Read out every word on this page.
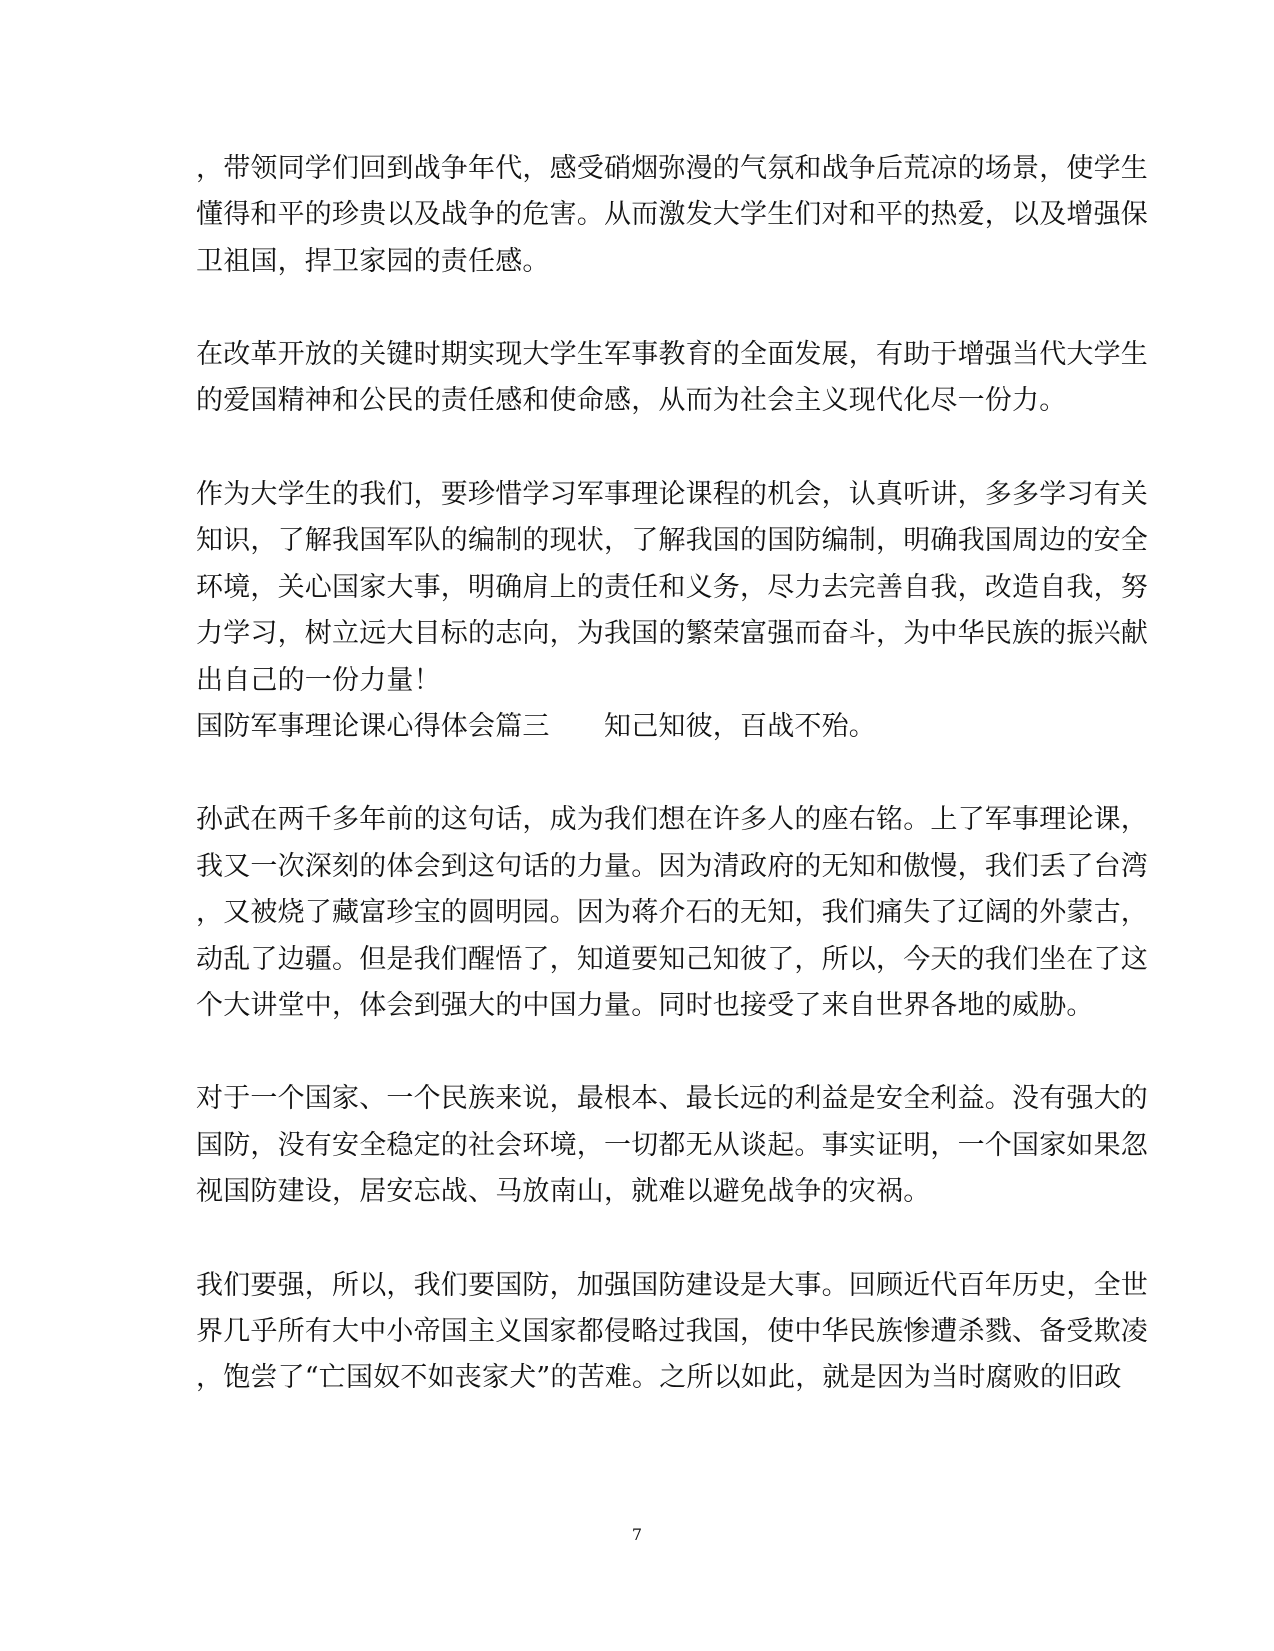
，带领同学们回到战争年代，感受硝烟弥漫的气氛和战争后荒凉的场景，使学生
懂得和平的珍贵以及战争的危害。从而激发大学生们对和平的热爱，以及增强保
卫祖国，捍卫家园的责任感。
在改革开放的关键时期实现大学生军事教育的全面发展，有助于增强当代大学生
的爱国精神和公民的责任感和使命感，从而为社会主义现代化尽一份力。
作为大学生的我们，要珍惜学习军事理论课程的机会，认真听讲，多多学习有关
知识，了解我国军队的编制的现状，了解我国的国防编制，明确我国周边的安全
环境，关心国家大事，明确肩上的责任和义务，尽力去完善自我，改造自我，努
力学习，树立远大目标的志向，为我国的繁荣富强而奋斗，为中华民族的振兴献
出自己的一份力量！
国防军事理论课心得体会篇三　　知己知彼，百战不殆。
孙武在两千多年前的这句话，成为我们想在许多人的座右铭。上了军事理论课，
我又一次深刻的体会到这句话的力量。因为清政府的无知和傲慢，我们丢了台湾
，又被烧了藏富珍宝的圆明园。因为蒋介石的无知，我们痛失了辽阔的外蒙古，
动乱了边疆。但是我们醒悟了，知道要知己知彼了，所以，今天的我们坐在了这
个大讲堂中，体会到强大的中国力量。同时也接受了来自世界各地的威胁。
对于一个国家、一个民族来说，最根本、最长远的利益是安全利益。没有强大的
国防，没有安全稳定的社会环境，一切都无从谈起。事实证明，一个国家如果忽
视国防建设，居安忘战、马放南山，就难以避免战争的灾祸。
我们要强，所以，我们要国防，加强国防建设是大事。回顾近代百年历史，全世
界几乎所有大中小帝国主义国家都侵略过我国，使中华民族惨遭杀戮、备受欺凌
，饱尝了“亡国奴不如丧家犬”的苦难。之所以如此，就是因为当时腐败的旧政
7
